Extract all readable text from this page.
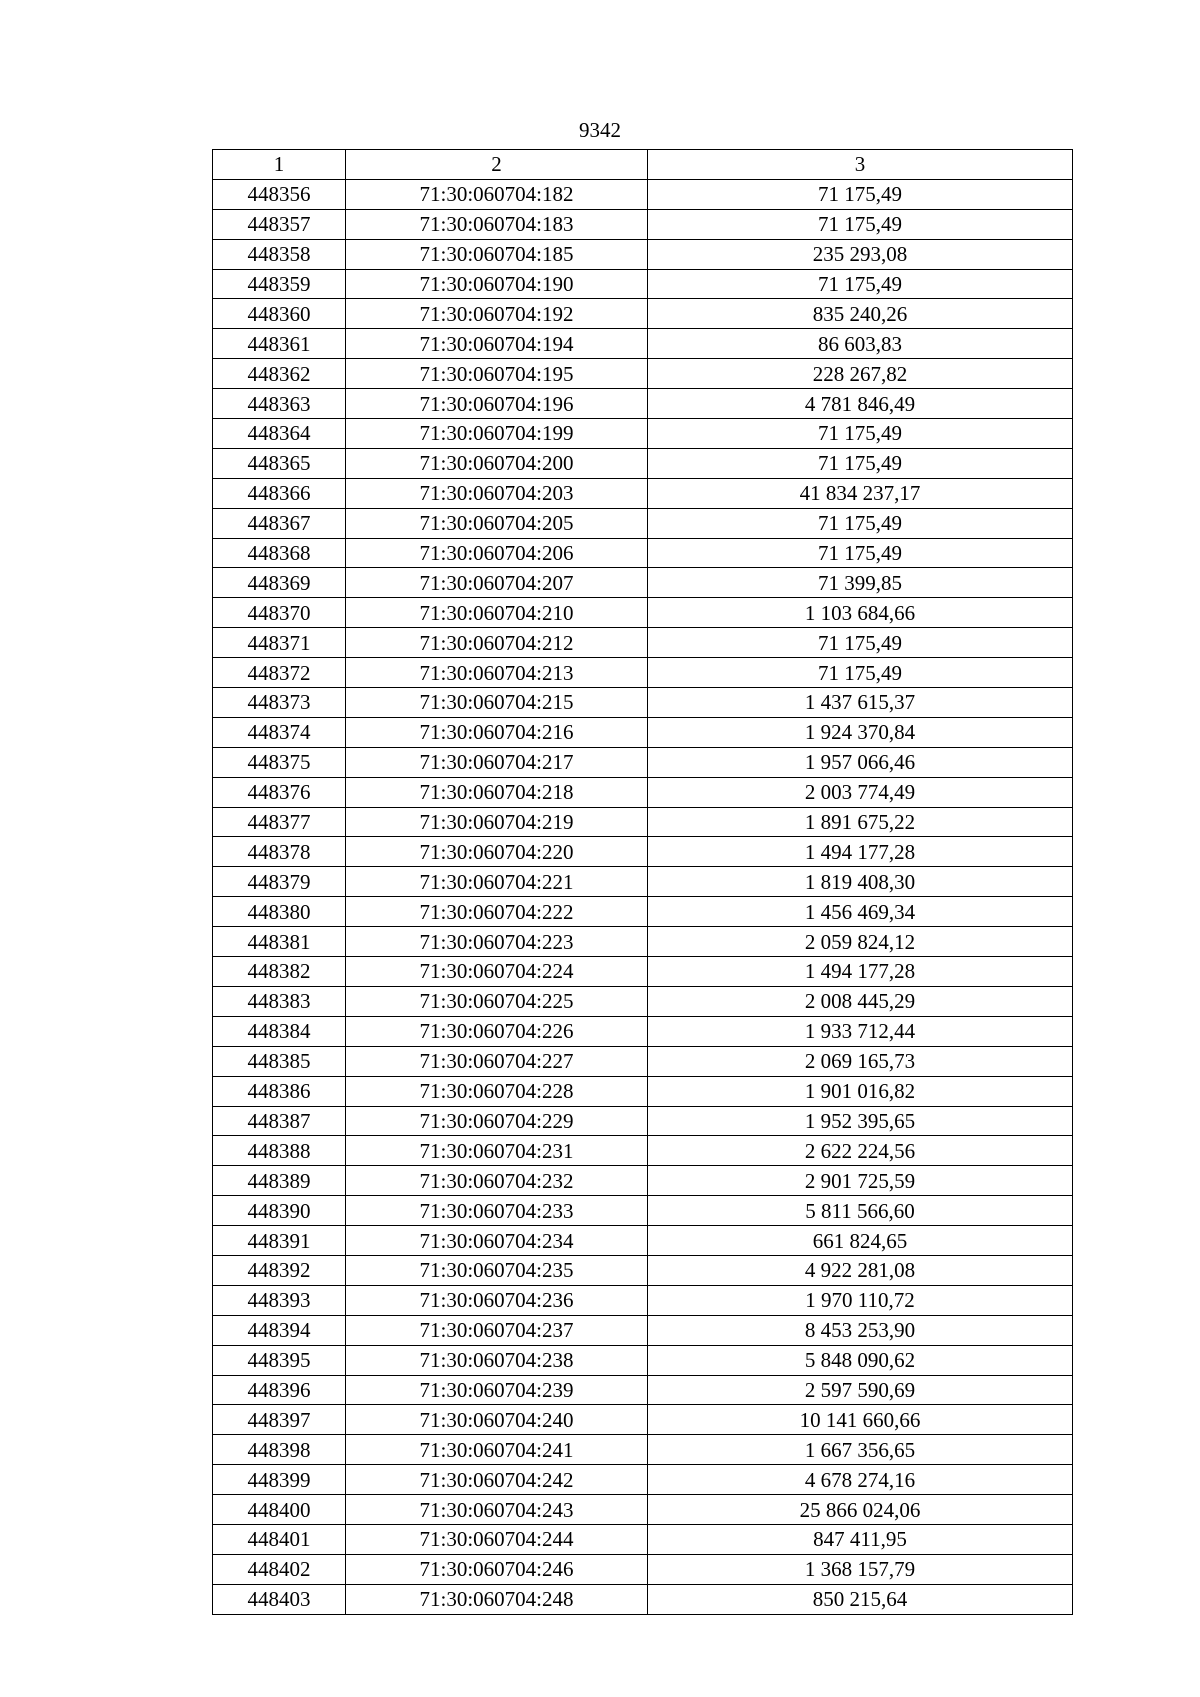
9342
1	2	3
448356	71:30:060704:182	71 175,49
448357	71:30:060704:183	71 175,49
448358	71:30:060704:185	235 293,08
448359	71:30:060704:190	71 175,49
448360	71:30:060704:192	835 240,26
448361	71:30:060704:194	86 603,83
448362	71:30:060704:195	228 267,82
448363	71:30:060704:196	4 781 846,49
448364	71:30:060704:199	71 175,49
448365	71:30:060704:200	71 175,49
448366	71:30:060704:203	41 834 237,17
448367	71:30:060704:205	71 175,49
448368	71:30:060704:206	71 175,49
448369	71:30:060704:207	71 399,85
448370	71:30:060704:210	1 103 684,66
448371	71:30:060704:212	71 175,49
448372	71:30:060704:213	71 175,49
448373	71:30:060704:215	1 437 615,37
448374	71:30:060704:216	1 924 370,84
448375	71:30:060704:217	1 957 066,46
448376	71:30:060704:218	2 003 774,49
448377	71:30:060704:219	1 891 675,22
448378	71:30:060704:220	1 494 177,28
448379	71:30:060704:221	1 819 408,30
448380	71:30:060704:222	1 456 469,34
448381	71:30:060704:223	2 059 824,12
448382	71:30:060704:224	1 494 177,28
448383	71:30:060704:225	2 008 445,29
448384	71:30:060704:226	1 933 712,44
448385	71:30:060704:227	2 069 165,73
448386	71:30:060704:228	1 901 016,82
448387	71:30:060704:229	1 952 395,65
448388	71:30:060704:231	2 622 224,56
448389	71:30:060704:232	2 901 725,59
448390	71:30:060704:233	5 811 566,60
448391	71:30:060704:234	661 824,65
448392	71:30:060704:235	4 922 281,08
448393	71:30:060704:236	1 970 110,72
448394	71:30:060704:237	8 453 253,90
448395	71:30:060704:238	5 848 090,62
448396	71:30:060704:239	2 597 590,69
448397	71:30:060704:240	10 141 660,66
448398	71:30:060704:241	1 667 356,65
448399	71:30:060704:242	4 678 274,16
448400	71:30:060704:243	25 866 024,06
448401	71:30:060704:244	847 411,95
448402	71:30:060704:246	1 368 157,79
448403	71:30:060704:248	850 215,64
